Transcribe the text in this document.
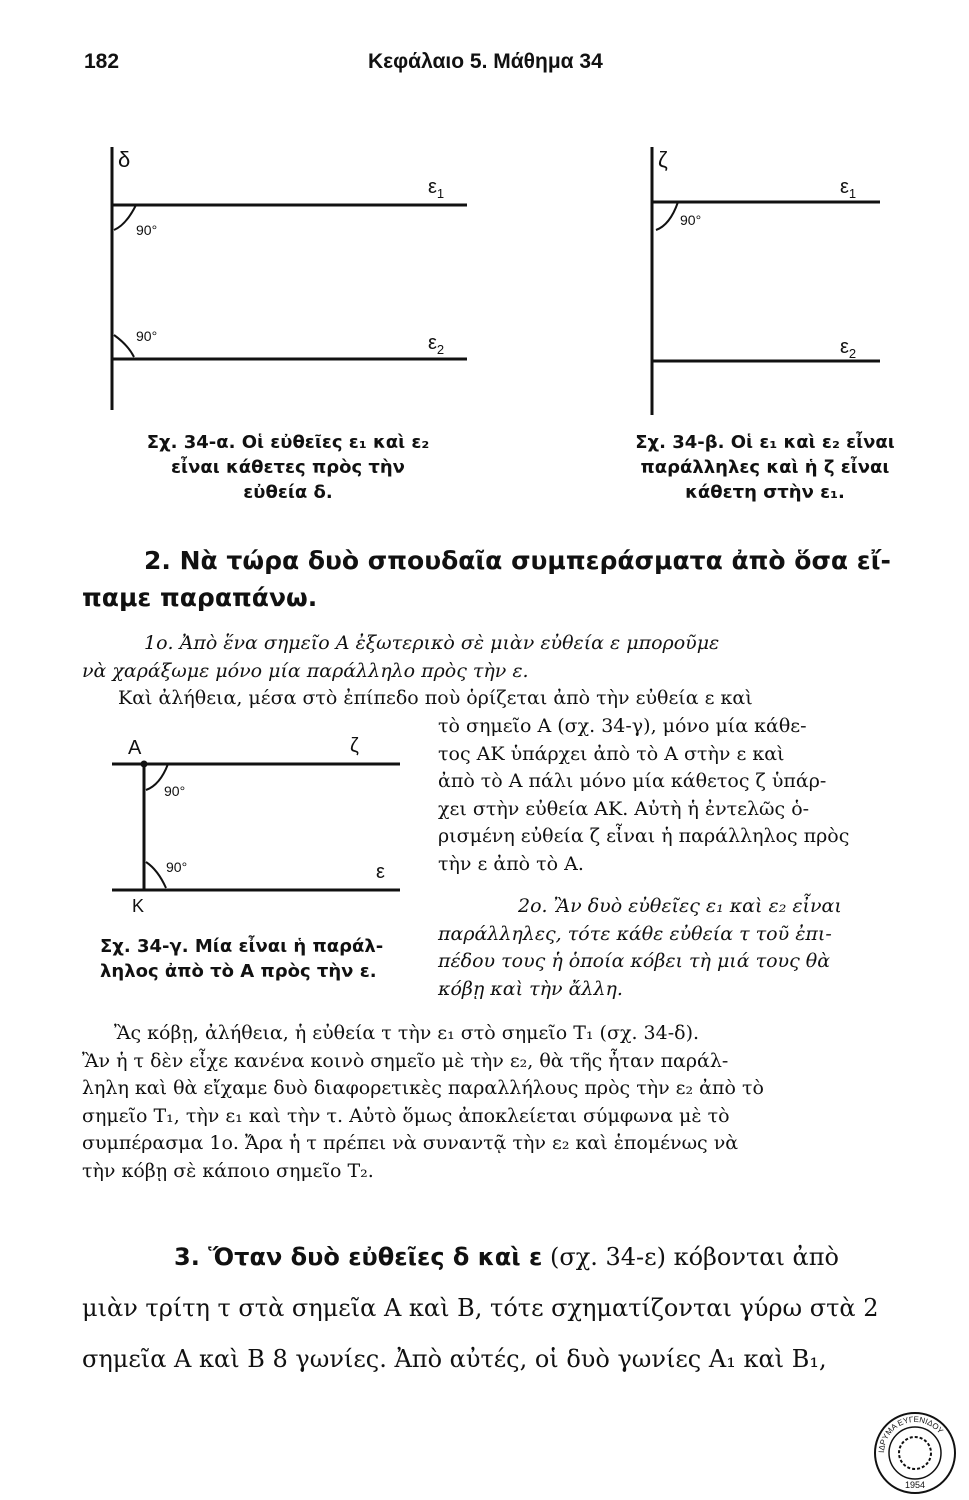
182	Κεφάλαιο 5. Μάθημα 34
δ
$\varepsilon_1$
$\varepsilon_2$
90°
90°
ζ
$\varepsilon_1$
$\varepsilon_2$
90°
Σχ. 34-α. Οἱ εὐθεῖες ε₁ καὶ ε₂
εἶναι κάθετες πρὸς τὴν
εὐθεία δ.
Σχ. 34-β. Οἱ ε₁ καὶ ε₂ εἶναι
παράλληλες καὶ ἡ ζ εἶναι
κάθετη στὴν ε₁.
2. Νὰ τώρα δυὸ σπουδαῖα συμπεράσματα ἀπὸ ὅσα εἴ-
παμε παραπάνω.
1ο. Ἀπὸ ἕνα σημεῖο Α ἐξωτερικὸ σὲ μιὰν εὐθεία ε μποροῦμε
νὰ χαράξωμε μόνο μία παράλληλο πρὸς τὴν ε.
Καὶ ἀλήθεια, μέσα στὸ ἐπίπεδο ποὺ ὁρίζεται ἀπὸ τὴν εὐθεία ε καὶ
A	ζ
ε
K
90°
90°
Σχ. 34-γ. Μία εἶναι ἡ παράλ-
ληλος ἀπὸ τὸ Α πρὸς τὴν ε.
τὸ σημεῖο Α (σχ. 34-γ), μόνο μία κάθε-
τος ΑΚ ὑπάρχει ἀπὸ τὸ Α στὴν ε καὶ
ἀπὸ τὸ Α πάλι μόνο μία κάθετος ζ ὑπάρ-
χει στὴν εὐθεία ΑΚ. Αὐτὴ ἡ ἐντελῶς ὁ-
ρισμένη εὐθεία ζ εἶναι ἡ παράλληλος πρὸς
τὴν ε ἀπὸ τὸ Α.
2ο. Ἂν δυὸ εὐθεῖες ε₁ καὶ ε₂ εἶναι
παράλληλες, τότε κάθε εὐθεία τ τοῦ ἐπι-
πέδου τους ἡ ὁποία κόβει τὴ μιά τους θὰ
κόβῃ καὶ τὴν ἄλλη.
Ἂς κόβῃ, ἀλήθεια, ἡ εὐθεία τ τὴν ε₁ στὸ σημεῖο Τ₁ (σχ. 34-δ).
Ἂν ἡ τ δὲν εἶχε κανένα κοινὸ σημεῖο μὲ τὴν ε₂, θὰ τῆς ἦταν παράλ-
ληλη καὶ θὰ εἴχαμε δυὸ διαφορετικὲς παραλλήλους πρὸς τὴν ε₂ ἀπὸ τὸ
σημεῖο Τ₁, τὴν ε₁ καὶ τὴν τ. Αὐτὸ ὅμως ἀποκλείεται σύμφωνα μὲ τὸ
συμπέρασμα 1ο. Ἄρα ἡ τ πρέπει νὰ συναντᾷ τὴν ε₂ καὶ ἑπομένως νὰ
τὴν κόβῃ σὲ κάποιο σημεῖο Τ₂.
3. Ὅταν δυὸ εὐθεῖες δ καὶ ε (σχ. 34-ε) κόβονται ἀπὸ
μιὰν τρίτη τ στὰ σημεῖα Α καὶ Β, τότε σχηματίζονται γύρω στὰ 2
σημεῖα Α καὶ Β 8 γωνίες. Ἀπὸ αὐτές, οἱ δυὸ γωνίες Α₁ καὶ Β₁,
ΙΔΡΥΜΑ ΕΥΓΕΝΙΔΟΥ
1954
